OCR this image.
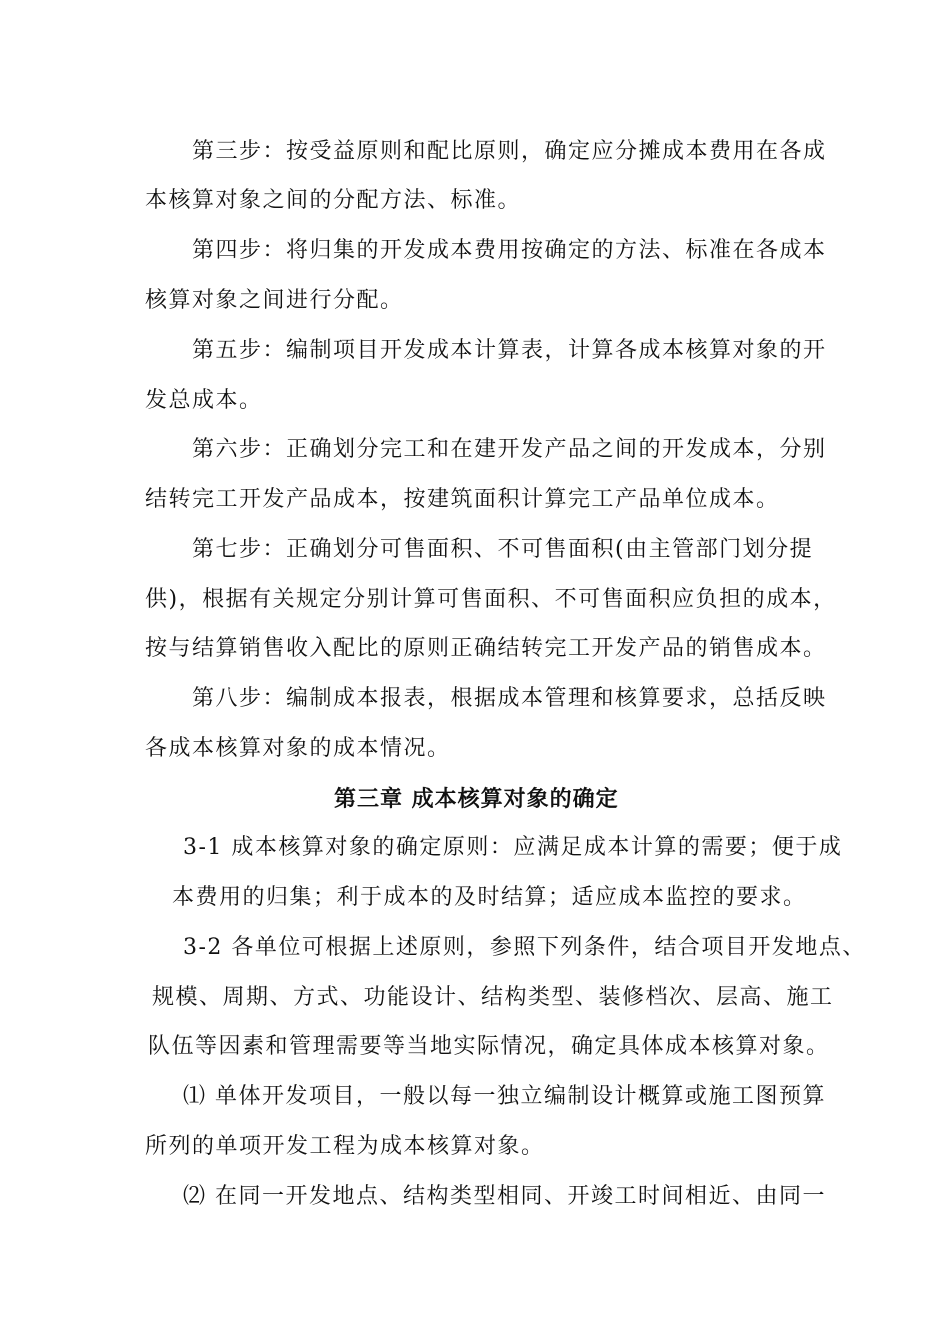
第三步：按受益原则和配比原则，确定应分摊成本费用在各成
本核算对象之间的分配方法、标准。
第四步：将归集的开发成本费用按确定的方法、标准在各成本
核算对象之间进行分配。
第五步：编制项目开发成本计算表，计算各成本核算对象的开
发总成本。
第六步：正确划分完工和在建开发产品之间的开发成本，分别
结转完工开发产品成本，按建筑面积计算完工产品单位成本。
第七步：正确划分可售面积、不可售面积(由主管部门划分提
供)，根据有关规定分别计算可售面积、不可售面积应负担的成本，
按与结算销售收入配比的原则正确结转完工开发产品的销售成本。
第八步：编制成本报表，根据成本管理和核算要求，总括反映
各成本核算对象的成本情况。
第三章 成本核算对象的确定
3-1 成本核算对象的确定原则：应满足成本计算的需要；便于成
本费用的归集；利于成本的及时结算；适应成本监控的要求。
3-2 各单位可根据上述原则，参照下列条件，结合项目开发地点、
规模、周期、方式、功能设计、结构类型、装修档次、层高、施工
队伍等因素和管理需要等当地实际情况，确定具体成本核算对象。
⑴ 单体开发项目，一般以每一独立编制设计概算或施工图预算
所列的单项开发工程为成本核算对象。
⑵ 在同一开发地点、结构类型相同、开竣工时间相近、由同一
